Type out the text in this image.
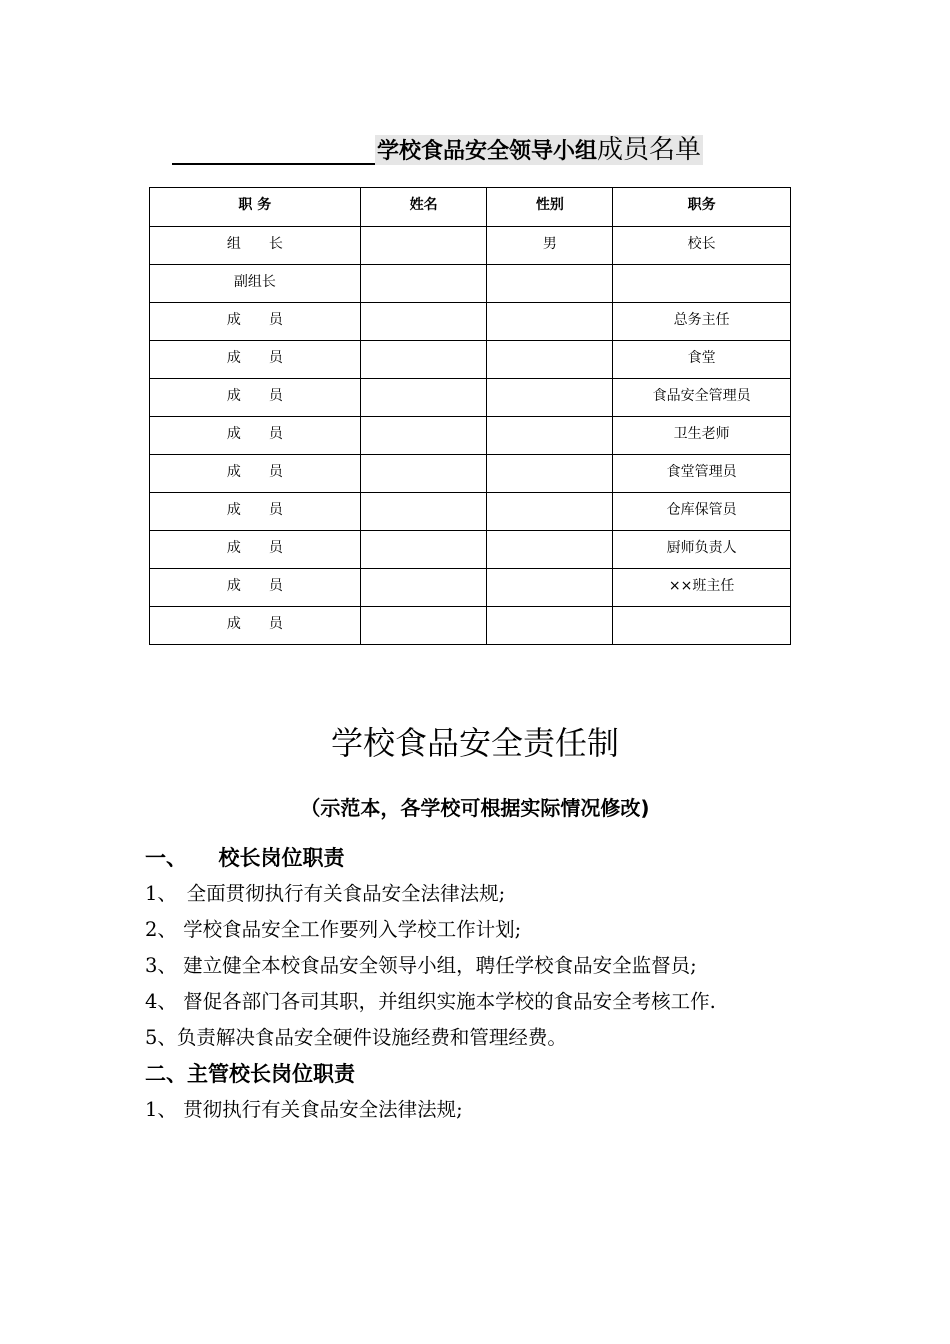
学校食品安全领导小组成员名单
职 务	姓名	性别	职务
组　　长		男	校长
副组长			
成　　员			总务主任
成　　员			食堂
成　　员			食品安全管理员
成　　员			卫生老师
成　　员			食堂管理员
成　　员			仓库保管员
成　　员			厨师负责人
成　　员			××班主任
成　　员			
学校食品安全责任制
（示范本，各学校可根据实际情况修改)
一、　　校长岗位职责
1、　全面贯彻执行有关食品安全法律法规;
2、 学校食品安全工作要列入学校工作计划;
3、 建立健全本校食品安全领导小组，聘任学校食品安全监督员;
4、 督促各部门各司其职，并组织实施本学校的食品安全考核工作.
5、负责解决食品安全硬件设施经费和管理经费。
二、主管校长岗位职责
1、 贯彻执行有关食品安全法律法规;
